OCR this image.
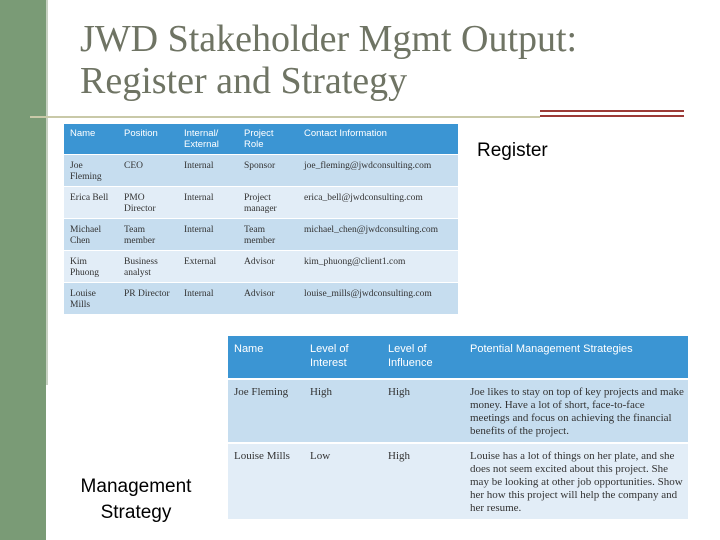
JWD Stakeholder Mgmt Output: Register and Strategy
Name	Position	Internal/ External	Project Role	Contact Information
Joe Fleming	CEO	Internal	Sponsor	joe_fleming@jwdconsulting.com
Erica Bell	PMO Director	Internal	Project manager	erica_bell@jwdconsulting.com
Michael Chen	Team member	Internal	Team member	michael_chen@jwdconsulting.com
Kim Phuong	Business analyst	External	Advisor	kim_phuong@client1.com
Louise Mills	PR Director	Internal	Advisor	louise_mills@jwdconsulting.com
Register
Name	Level of Interest	Level of Influence	Potential Management Strategies
Joe Fleming	High	High	Joe likes to stay on top of key projects and make money. Have a lot of short, face-to-face meetings and focus on achieving the financial benefits of the project.
Louise Mills	Low	High	Louise has a lot of things on her plate, and she does not seem excited about this project. She may be looking at other job opportunities. Show her how this project will help the company and her resume.
Management Strategy
